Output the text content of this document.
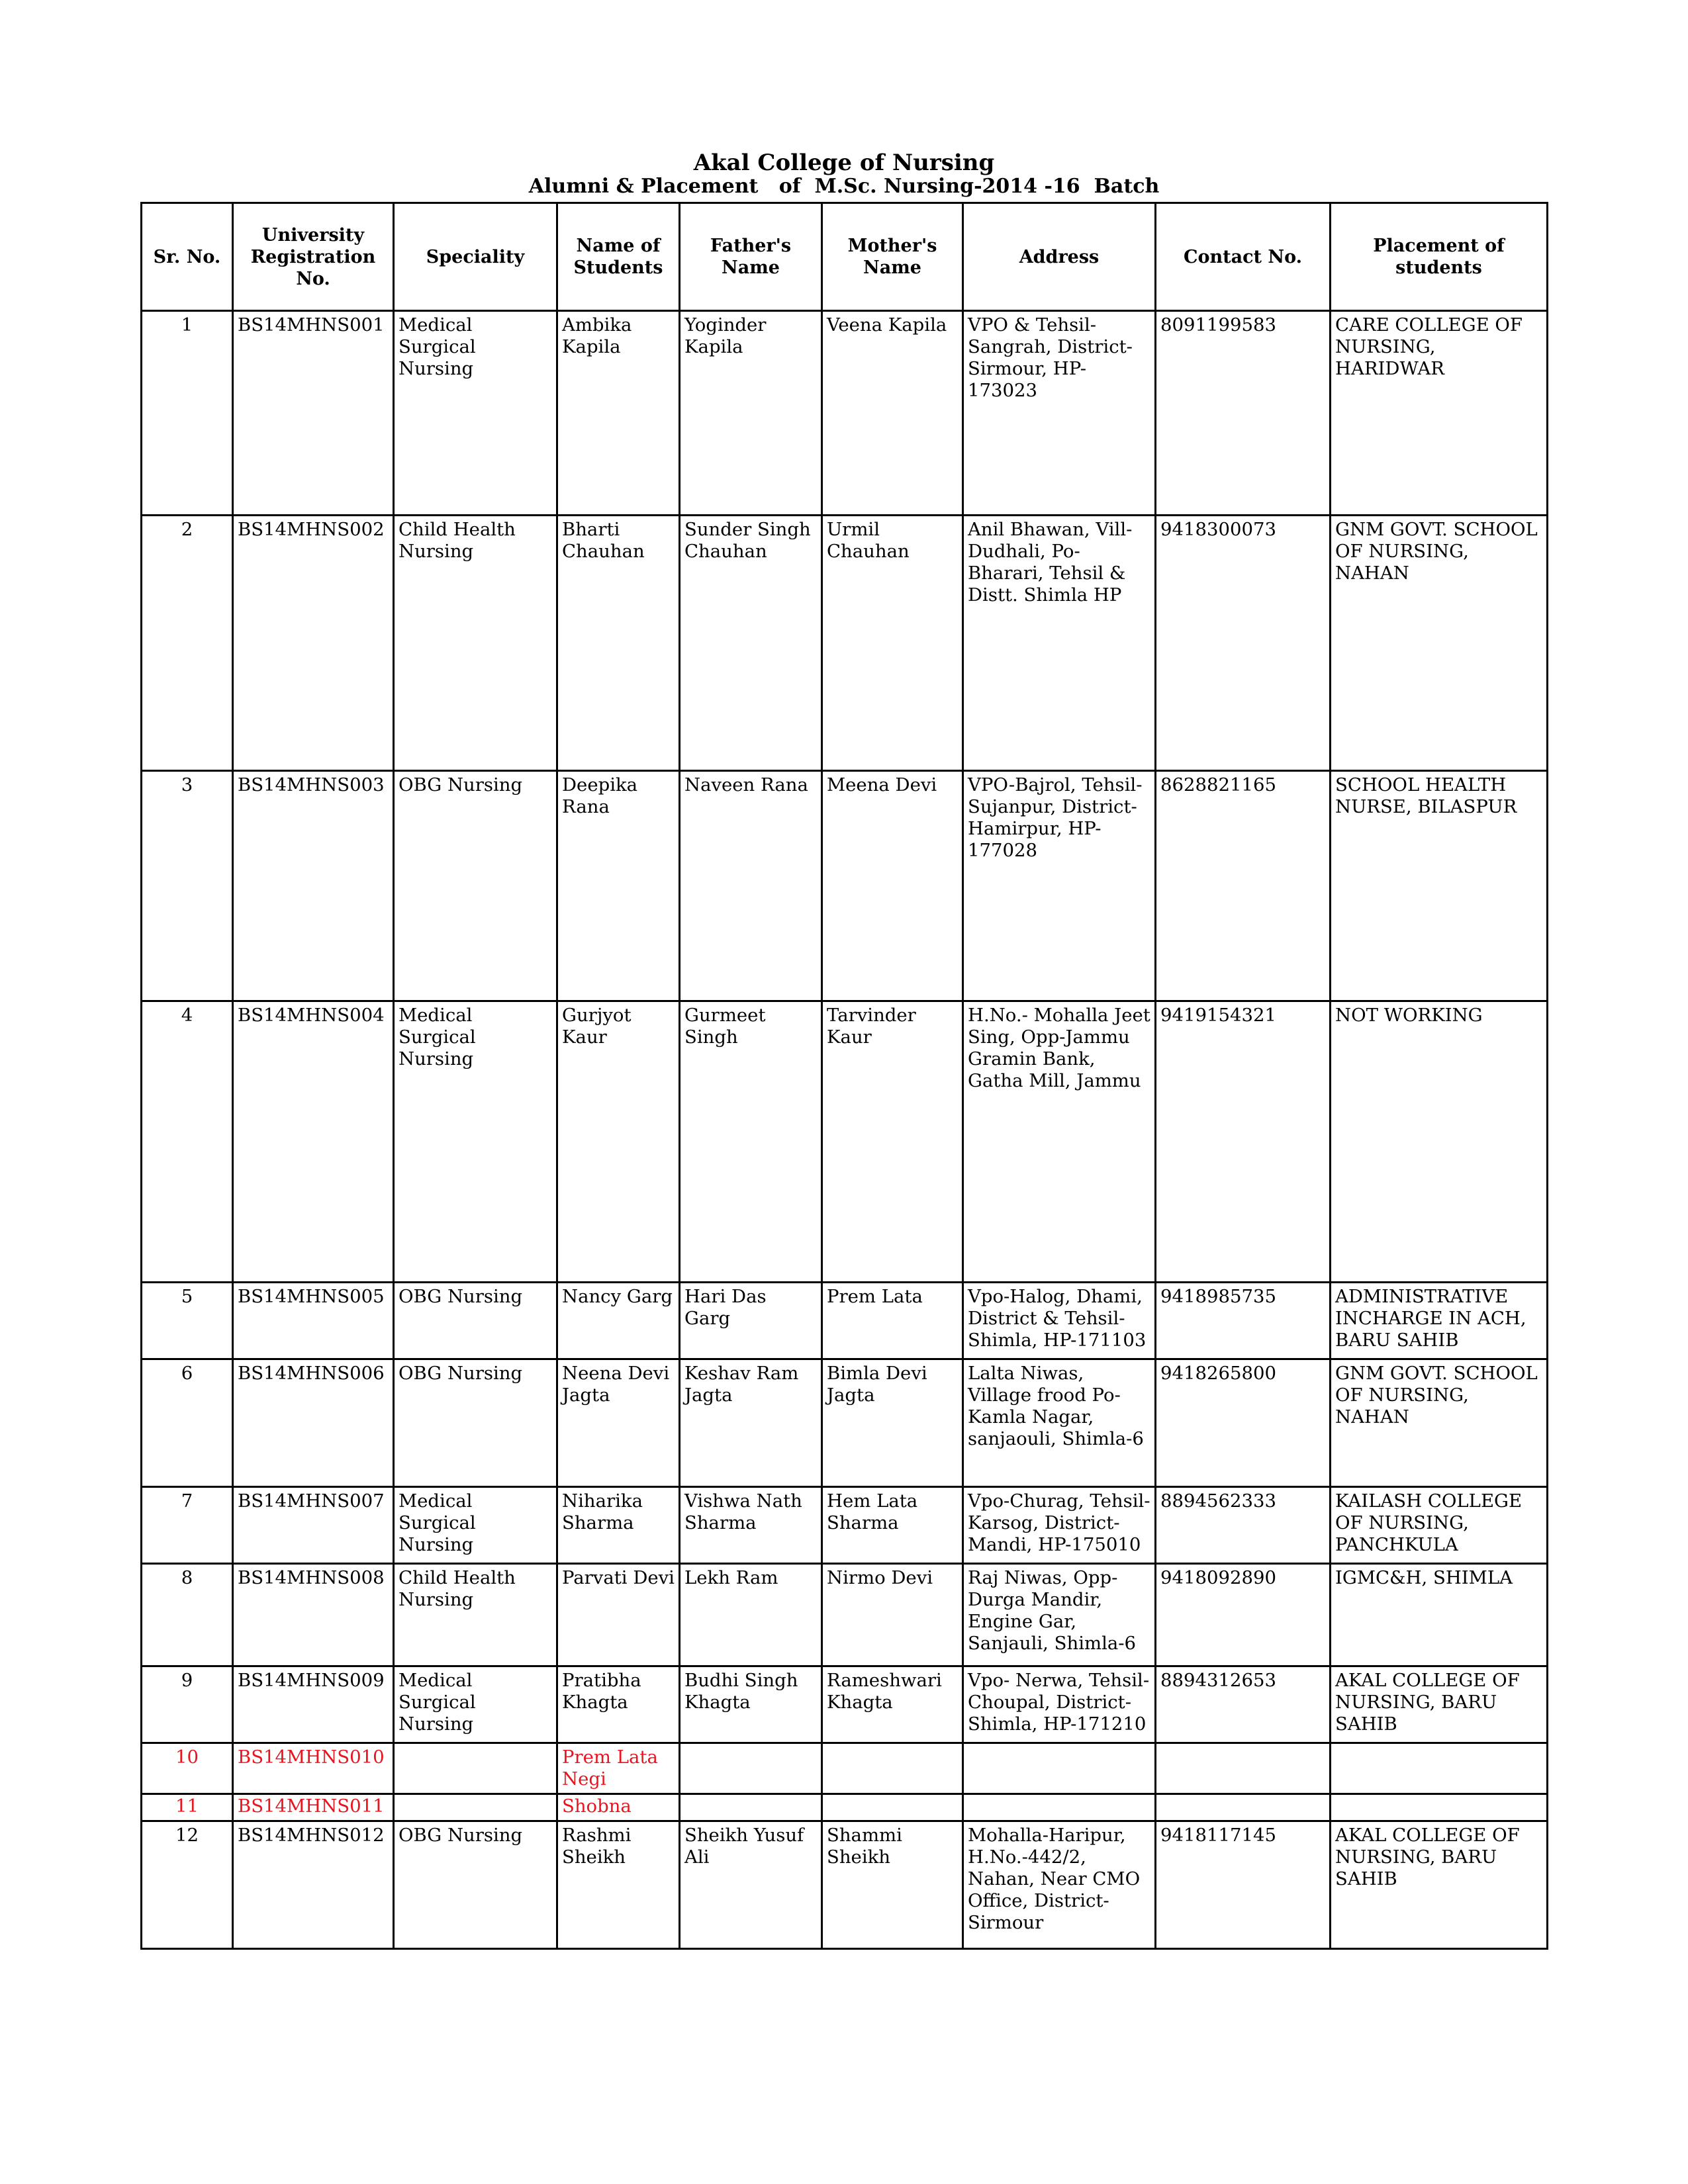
Akal College of Nursing
Alumni & Placement   of  M.Sc. Nursing-2014 -16  Batch
Sr. No.	University Registration No.	Speciality	Name of Students	Father's Name	Mother's Name	Address	Contact No.	Placement of students
1	BS14MHNS001	Medical Surgical Nursing	Ambika Kapila	Yoginder Kapila	Veena Kapila	VPO & Tehsil-Sangrah, District-Sirmour, HP-173023	8091199583	CARE COLLEGE OF NURSING, HARIDWAR
2	BS14MHNS002	Child Health Nursing	Bharti Chauhan	Sunder Singh Chauhan	Urmil Chauhan	Anil Bhawan, Vill-Dudhali, Po-Bharari, Tehsil & Distt. Shimla HP	9418300073	GNM GOVT. SCHOOL OF NURSING, NAHAN
3	BS14MHNS003	OBG Nursing	Deepika Rana	Naveen Rana	Meena Devi	VPO-Bajrol, Tehsil-Sujanpur, District-Hamirpur, HP-177028	8628821165	SCHOOL HEALTH NURSE, BILASPUR
4	BS14MHNS004	Medical Surgical Nursing	Gurjyot Kaur	Gurmeet Singh	Tarvinder Kaur	H.No.- Mohalla Jeet Sing, Opp-Jammu Gramin Bank, Gatha Mill, Jammu	9419154321	NOT WORKING
5	BS14MHNS005	OBG Nursing	Nancy Garg	Hari Das Garg	Prem Lata	Vpo-Halog, Dhami, District & Tehsil-Shimla, HP-171103	9418985735	ADMINISTRATIVE INCHARGE IN ACH, BARU SAHIB
6	BS14MHNS006	OBG Nursing	Neena Devi Jagta	Keshav Ram Jagta	Bimla Devi Jagta	Lalta Niwas, Village frood Po-Kamla Nagar, sanjaouli, Shimla-6	9418265800	GNM GOVT. SCHOOL OF NURSING, NAHAN
7	BS14MHNS007	Medical Surgical Nursing	Niharika Sharma	Vishwa Nath Sharma	Hem Lata Sharma	Vpo-Churag, Tehsil-Karsog, District-Mandi, HP-175010	8894562333	KAILASH COLLEGE OF NURSING, PANCHKULA
8	BS14MHNS008	Child Health Nursing	Parvati Devi	Lekh Ram	Nirmo Devi	Raj Niwas, Opp-Durga Mandir, Engine Gar, Sanjauli, Shimla-6	9418092890	IGMC&H, SHIMLA
9	BS14MHNS009	Medical Surgical Nursing	Pratibha Khagta	Budhi Singh Khagta	Rameshwari Khagta	Vpo- Nerwa, Tehsil-Choupal, District-Shimla, HP-171210	8894312653	AKAL COLLEGE OF NURSING, BARU SAHIB
10	BS14MHNS010		Prem Lata Negi					
11	BS14MHNS011		Shobna					
12	BS14MHNS012	OBG Nursing	Rashmi Sheikh	Sheikh Yusuf Ali	Shammi Sheikh	Mohalla-Haripur, H.No.-442/2, Nahan, Near CMO Office, District-Sirmour	9418117145	AKAL COLLEGE OF NURSING, BARU SAHIB
